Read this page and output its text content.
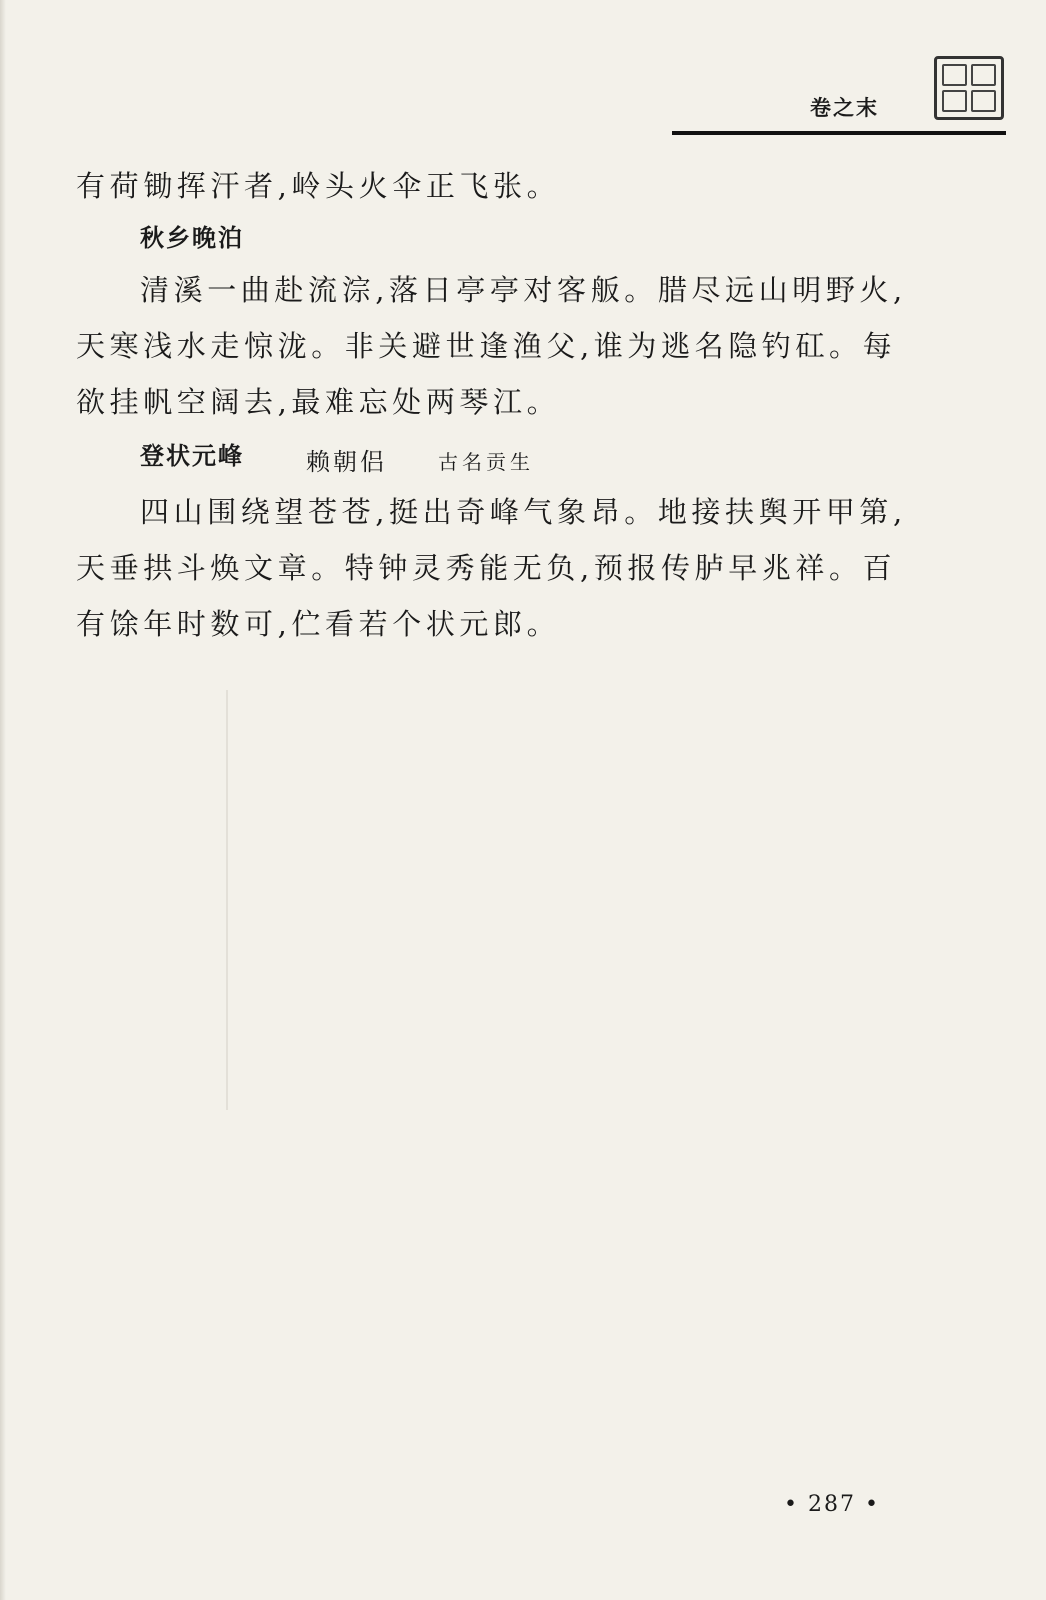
卷之末
有荷锄挥汗者,岭头火伞正飞张。
秋乡晚泊
清溪一曲赴流淙,落日亭亭对客舨。腊尽远山明野火,
天寒浅水走惊泷。非关避世逢渔父,谁为逃名隐钓矼。每
欲挂帆空阔去,最难忘处两琴江。
登状元峰	赖朝侣	古名贡生
四山围绕望苍苍,挺出奇峰气象昂。地接扶舆开甲第,
天垂拱斗焕文章。特钟灵秀能无负,预报传胪早兆祥。百
有馀年时数可,伫看若个状元郎。
• 287 •
